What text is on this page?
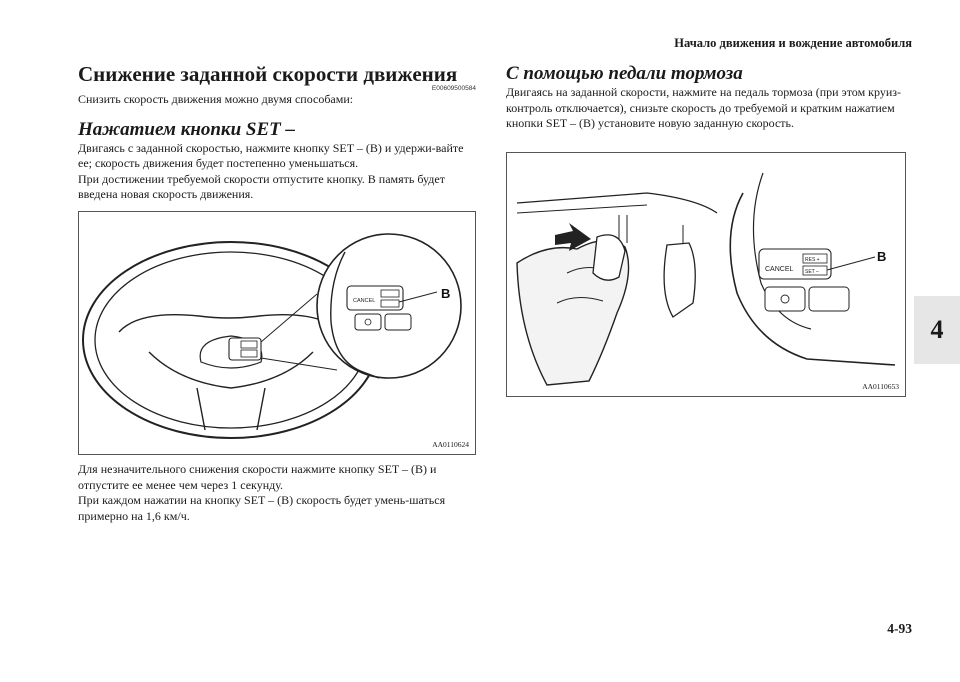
Начало движения и вождение автомобиля
4
4-93
Снижение заданной скорости движения
E00609500584

Снизить скорость движения можно двумя способами:

Нажатием кнопки SET –

Двигаясь с заданной скоростью, нажмите кнопку SET – (B) и удержи-вайте ее; скорость движения будет постепенно уменьшаться.

При достижении требуемой скорости отпустите кнопку. В память будет введена новая скорость движения.

CANCEL	B
AA0110624

Для незначительного снижения скорости нажмите кнопку SET – (B) и отпустите ее менее чем через 1 секунду.

При каждом нажатии на кнопку SET – (B) скорость будет умень-шаться примерно на 1,6 км/ч.

С помощью педали тормоза

Двигаясь на заданной скорости, нажмите на педаль тормоза (при этом круиз-контроль отключается), снизьте скорость до требуемой и кратким нажатием кнопки SET – (B) установите новую заданную скорость.

CANCEL
RES +
SET –
B
AA0110653
